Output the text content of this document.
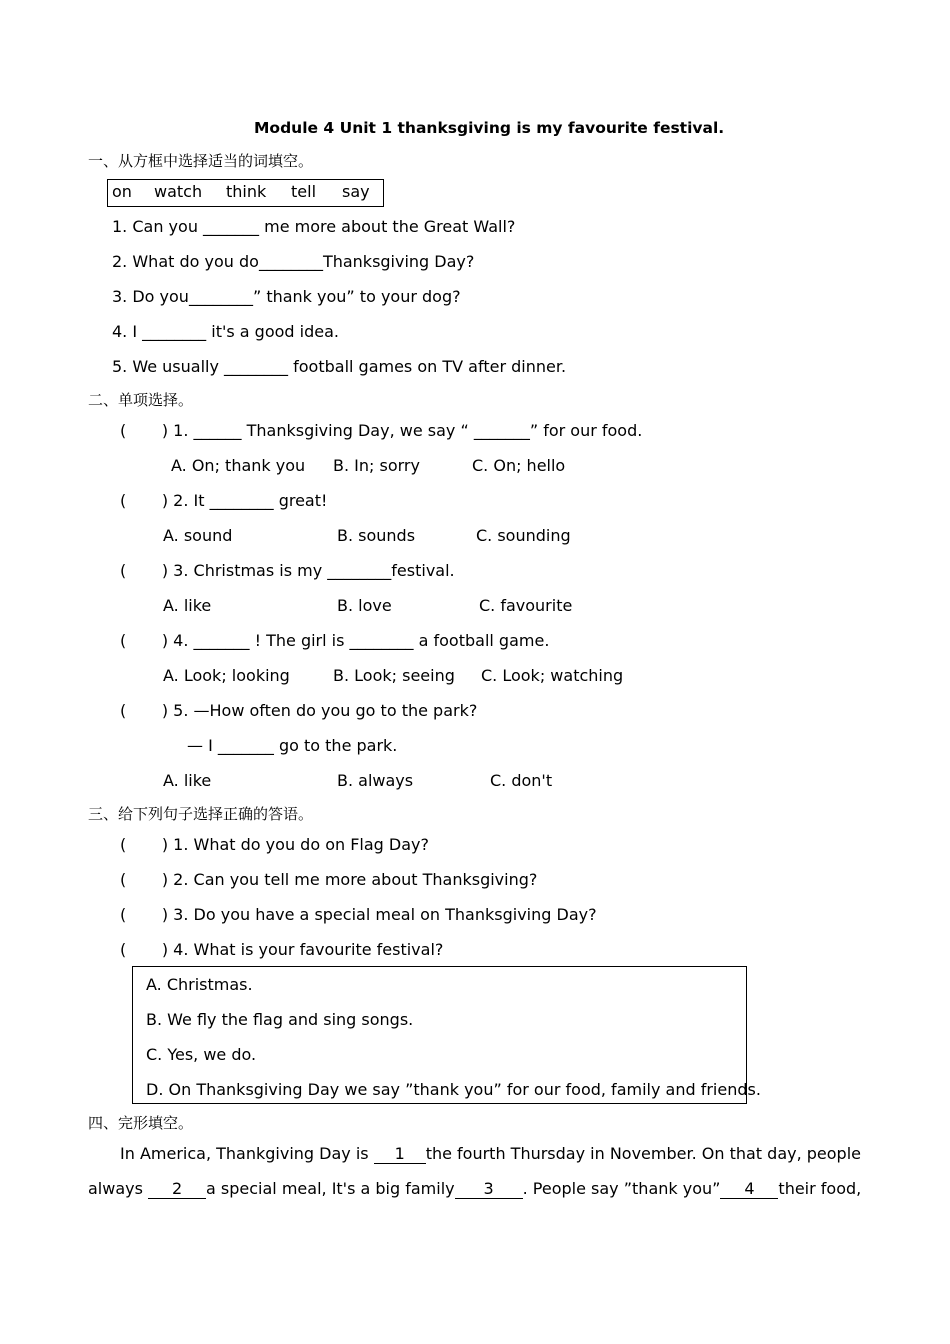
Module 4 Unit 1 thanksgiving is my favourite festival.
一、从方框中选择适当的词填空。
on watch think tell say
1. Can you _______ me more about the Great Wall?
2. What do you do________Thanksgiving Day?
3. Do you________” thank you” to your dog?
4. I ________ it's a good idea.
5. We usually ________ football games on TV after dinner.
二、单项选择。
(       ) 1. ______ Thanksgiving Day, we say “ _______” for our food.
A. On; thank you B. In; sorry	C. On; hello
(       ) 2. It ________ great!
A. sound	B. sounds	C. sounding
(       ) 3. Christmas is my ________festival.
A. like	B. love	C. favourite
(       ) 4. _______ ! The girl is ________ a football game.
A. Look; looking	B. Look; seeing C. Look; watching
(       ) 5. —How often do you go to the park?
— I _______ go to the park.
A. like	B. always	C. don't
三、给下列句子选择正确的答语。
(       ) 1. What do you do on Flag Day?
(       ) 2. Can you tell me more about Thanksgiving?
(       ) 3. Do you have a special meal on Thanksgiving Day?
(       ) 4. What is your favourite festival?
A. Christmas.
B. We fly the flag and sing songs.
C. Yes, we do.
D. On Thanksgiving Day we say ”thank you” for our food, family and friends.
四、完形填空。
In America, Thankgiving Day is 1 the fourth Thursday in November. On that day, people
always 2 a special meal, It's a big family 3 . People say ”thank you” 4 their food,
